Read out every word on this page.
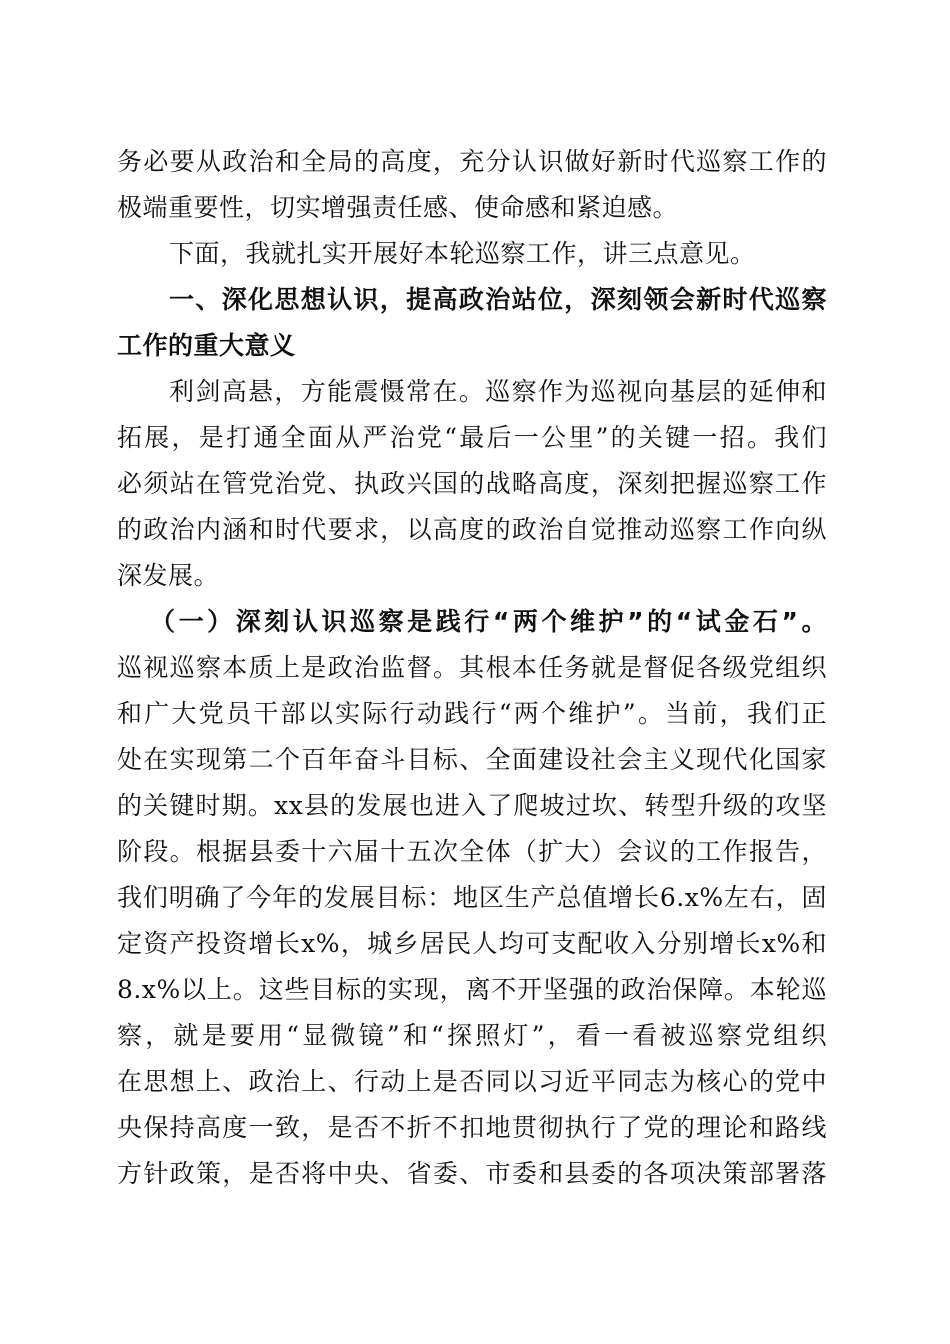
务必要从政治和全局的高度，充分认识做好新时代巡察工作的
极端重要性，切实增强责任感、使命感和紧迫感。
下面，我就扎实开展好本轮巡察工作，讲三点意见。
一、深化思想认识，提高政治站位，深刻领会新时代巡察
工作的重大意义
利剑高悬，方能震慑常在。巡察作为巡视向基层的延伸和
拓展，是打通全面从严治党“最后一公里”的关键一招。我们
必须站在管党治党、执政兴国的战略高度，深刻把握巡察工作
的政治内涵和时代要求，以高度的政治自觉推动巡察工作向纵
深发展。
（一）深刻认识巡察是践行“两个维护”的“试金石”。
巡视巡察本质上是政治监督。其根本任务就是督促各级党组织
和广大党员干部以实际行动践行“两个维护”。当前，我们正
处在实现第二个百年奋斗目标、全面建设社会主义现代化国家
的关键时期。xx县的发展也进入了爬坡过坎、转型升级的攻坚
阶段。根据县委十六届十五次全体（扩大）会议的工作报告，
我们明确了今年的发展目标：地区生产总值增长6.x%左右，固
定资产投资增长x%，城乡居民人均可支配收入分别增长x%和
8.x%以上。这些目标的实现，离不开坚强的政治保障。本轮巡
察，就是要用“显微镜”和“探照灯”，看一看被巡察党组织
在思想上、政治上、行动上是否同以习近平同志为核心的党中
央保持高度一致，是否不折不扣地贯彻执行了党的理论和路线
方针政策，是否将中央、省委、市委和县委的各项决策部署落
